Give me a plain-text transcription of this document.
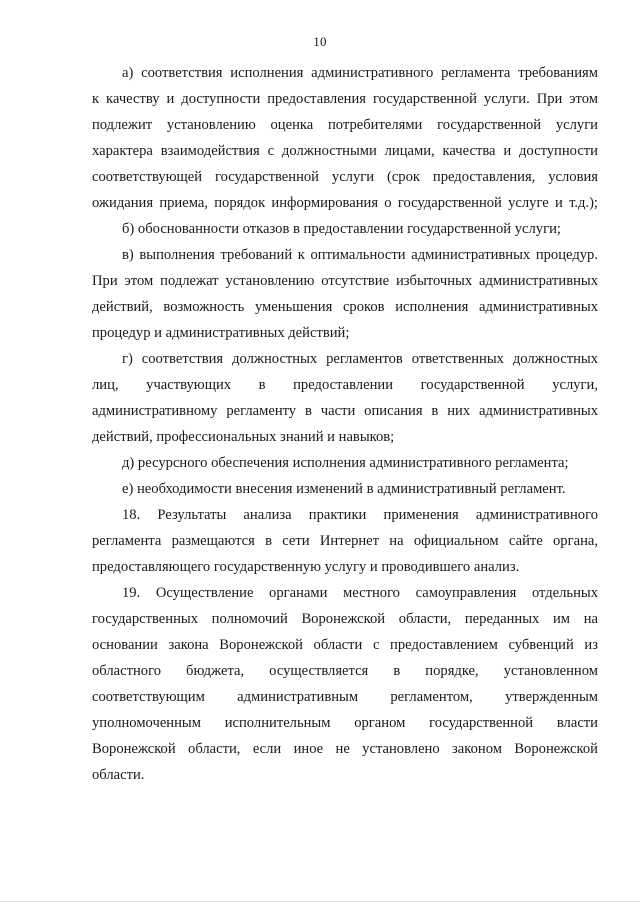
10
а) соответствия исполнения административного регламента требованиям
к качеству и доступности предоставления государственной услуги. При этом
подлежит установлению оценка потребителями государственной услуги
характера взаимодействия с должностными лицами, качества и доступности
соответствующей государственной услуги (срок предоставления, условия
ожидания приема, порядок информирования о государственной услуге и т.д.);
б) обоснованности отказов в предоставлении государственной услуги;
в) выполнения требований к оптимальности административных процедур.
При этом подлежат установлению отсутствие избыточных административных
действий, возможность уменьшения сроков исполнения административных
процедур и административных действий;
г) соответствия должностных регламентов ответственных должностных
лиц, участвующих в предоставлении государственной услуги,
административному регламенту в части описания в них административных
действий, профессиональных знаний и навыков;
д) ресурсного обеспечения исполнения административного регламента;
е) необходимости внесения изменений в административный регламент.
18. Результаты анализа практики применения административного
регламента размещаются в сети Интернет на официальном сайте органа,
предоставляющего государственную услугу и проводившего анализ.
19. Осуществление органами местного самоуправления отдельных
государственных полномочий Воронежской области, переданных им на
основании закона Воронежской области с предоставлением субвенций из
областного бюджета, осуществляется в порядке, установленном
соответствующим административным регламентом, утвержденным
уполномоченным исполнительным органом государственной власти
Воронежской области, если иное не установлено законом Воронежской
области.
